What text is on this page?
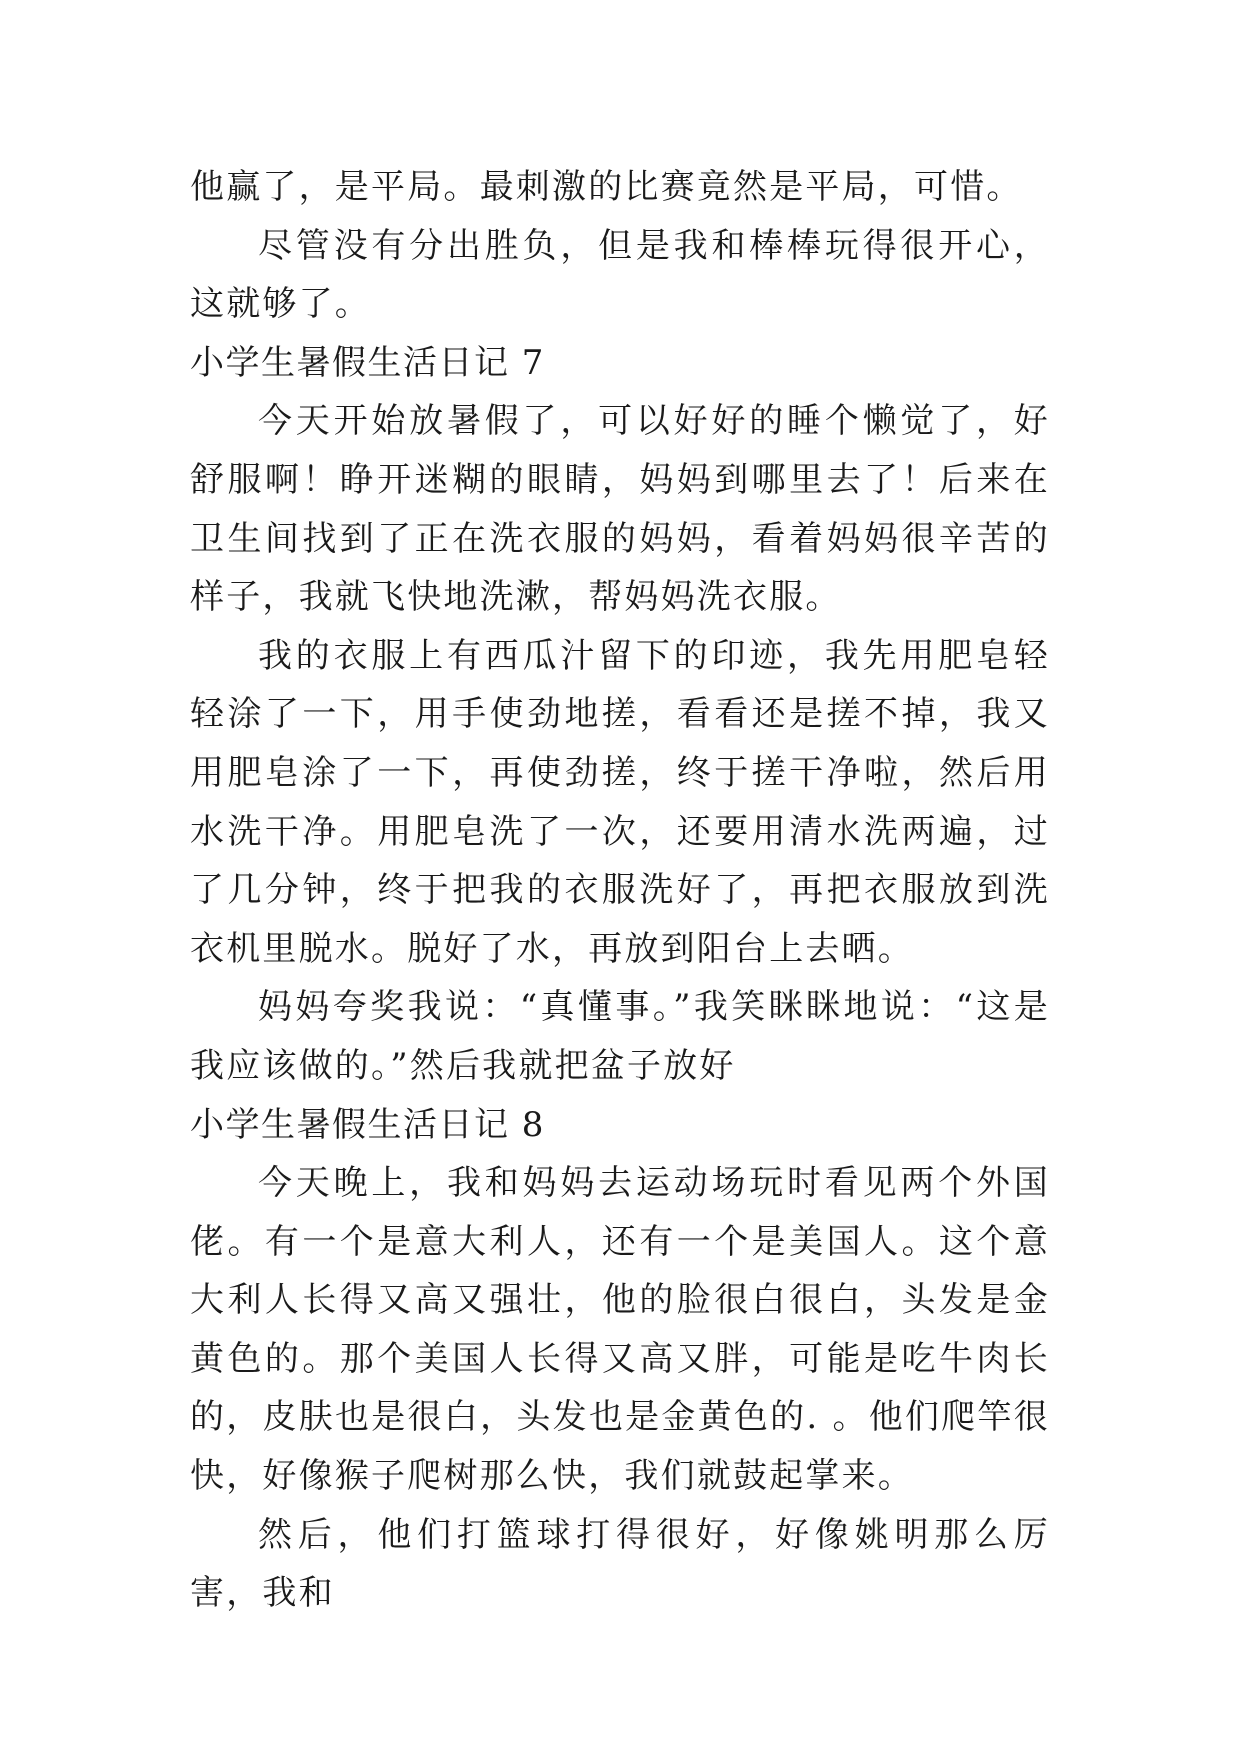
他赢了，是平局。最刺激的比赛竟然是平局，可惜。

尽管没有分出胜负，但是我和棒棒玩得很开心，这就够了。

小学生暑假生活日记 7

今天开始放暑假了，可以好好的睡个懒觉了，好舒服啊！睁开迷糊的眼睛，妈妈到哪里去了！后来在卫生间找到了正在洗衣服的妈妈，看着妈妈很辛苦的样子，我就飞快地洗漱，帮妈妈洗衣服。

我的衣服上有西瓜汁留下的印迹，我先用肥皂轻轻涂了一下，用手使劲地搓，看看还是搓不掉，我又用肥皂涂了一下，再使劲搓，终于搓干净啦，然后用水洗干净。用肥皂洗了一次，还要用清水洗两遍，过了几分钟，终于把我的衣服洗好了，再把衣服放到洗衣机里脱水。脱好了水，再放到阳台上去晒。

妈妈夸奖我说：“真懂事。”我笑眯眯地说：“这是我应该做的。”然后我就把盆子放好

小学生暑假生活日记 8

今天晚上，我和妈妈去运动场玩时看见两个外国佬。有一个是意大利人，还有一个是美国人。这个意大利人长得又高又强壮，他的脸很白很白，头发是金黄色的。那个美国人长得又高又胖，可能是吃牛肉长的，皮肤也是很白，头发也是金黄色的. 。他们爬竿很快，好像猴子爬树那么快，我们就鼓起掌来。

然后，他们打篮球打得很好，好像姚明那么厉害，我和
